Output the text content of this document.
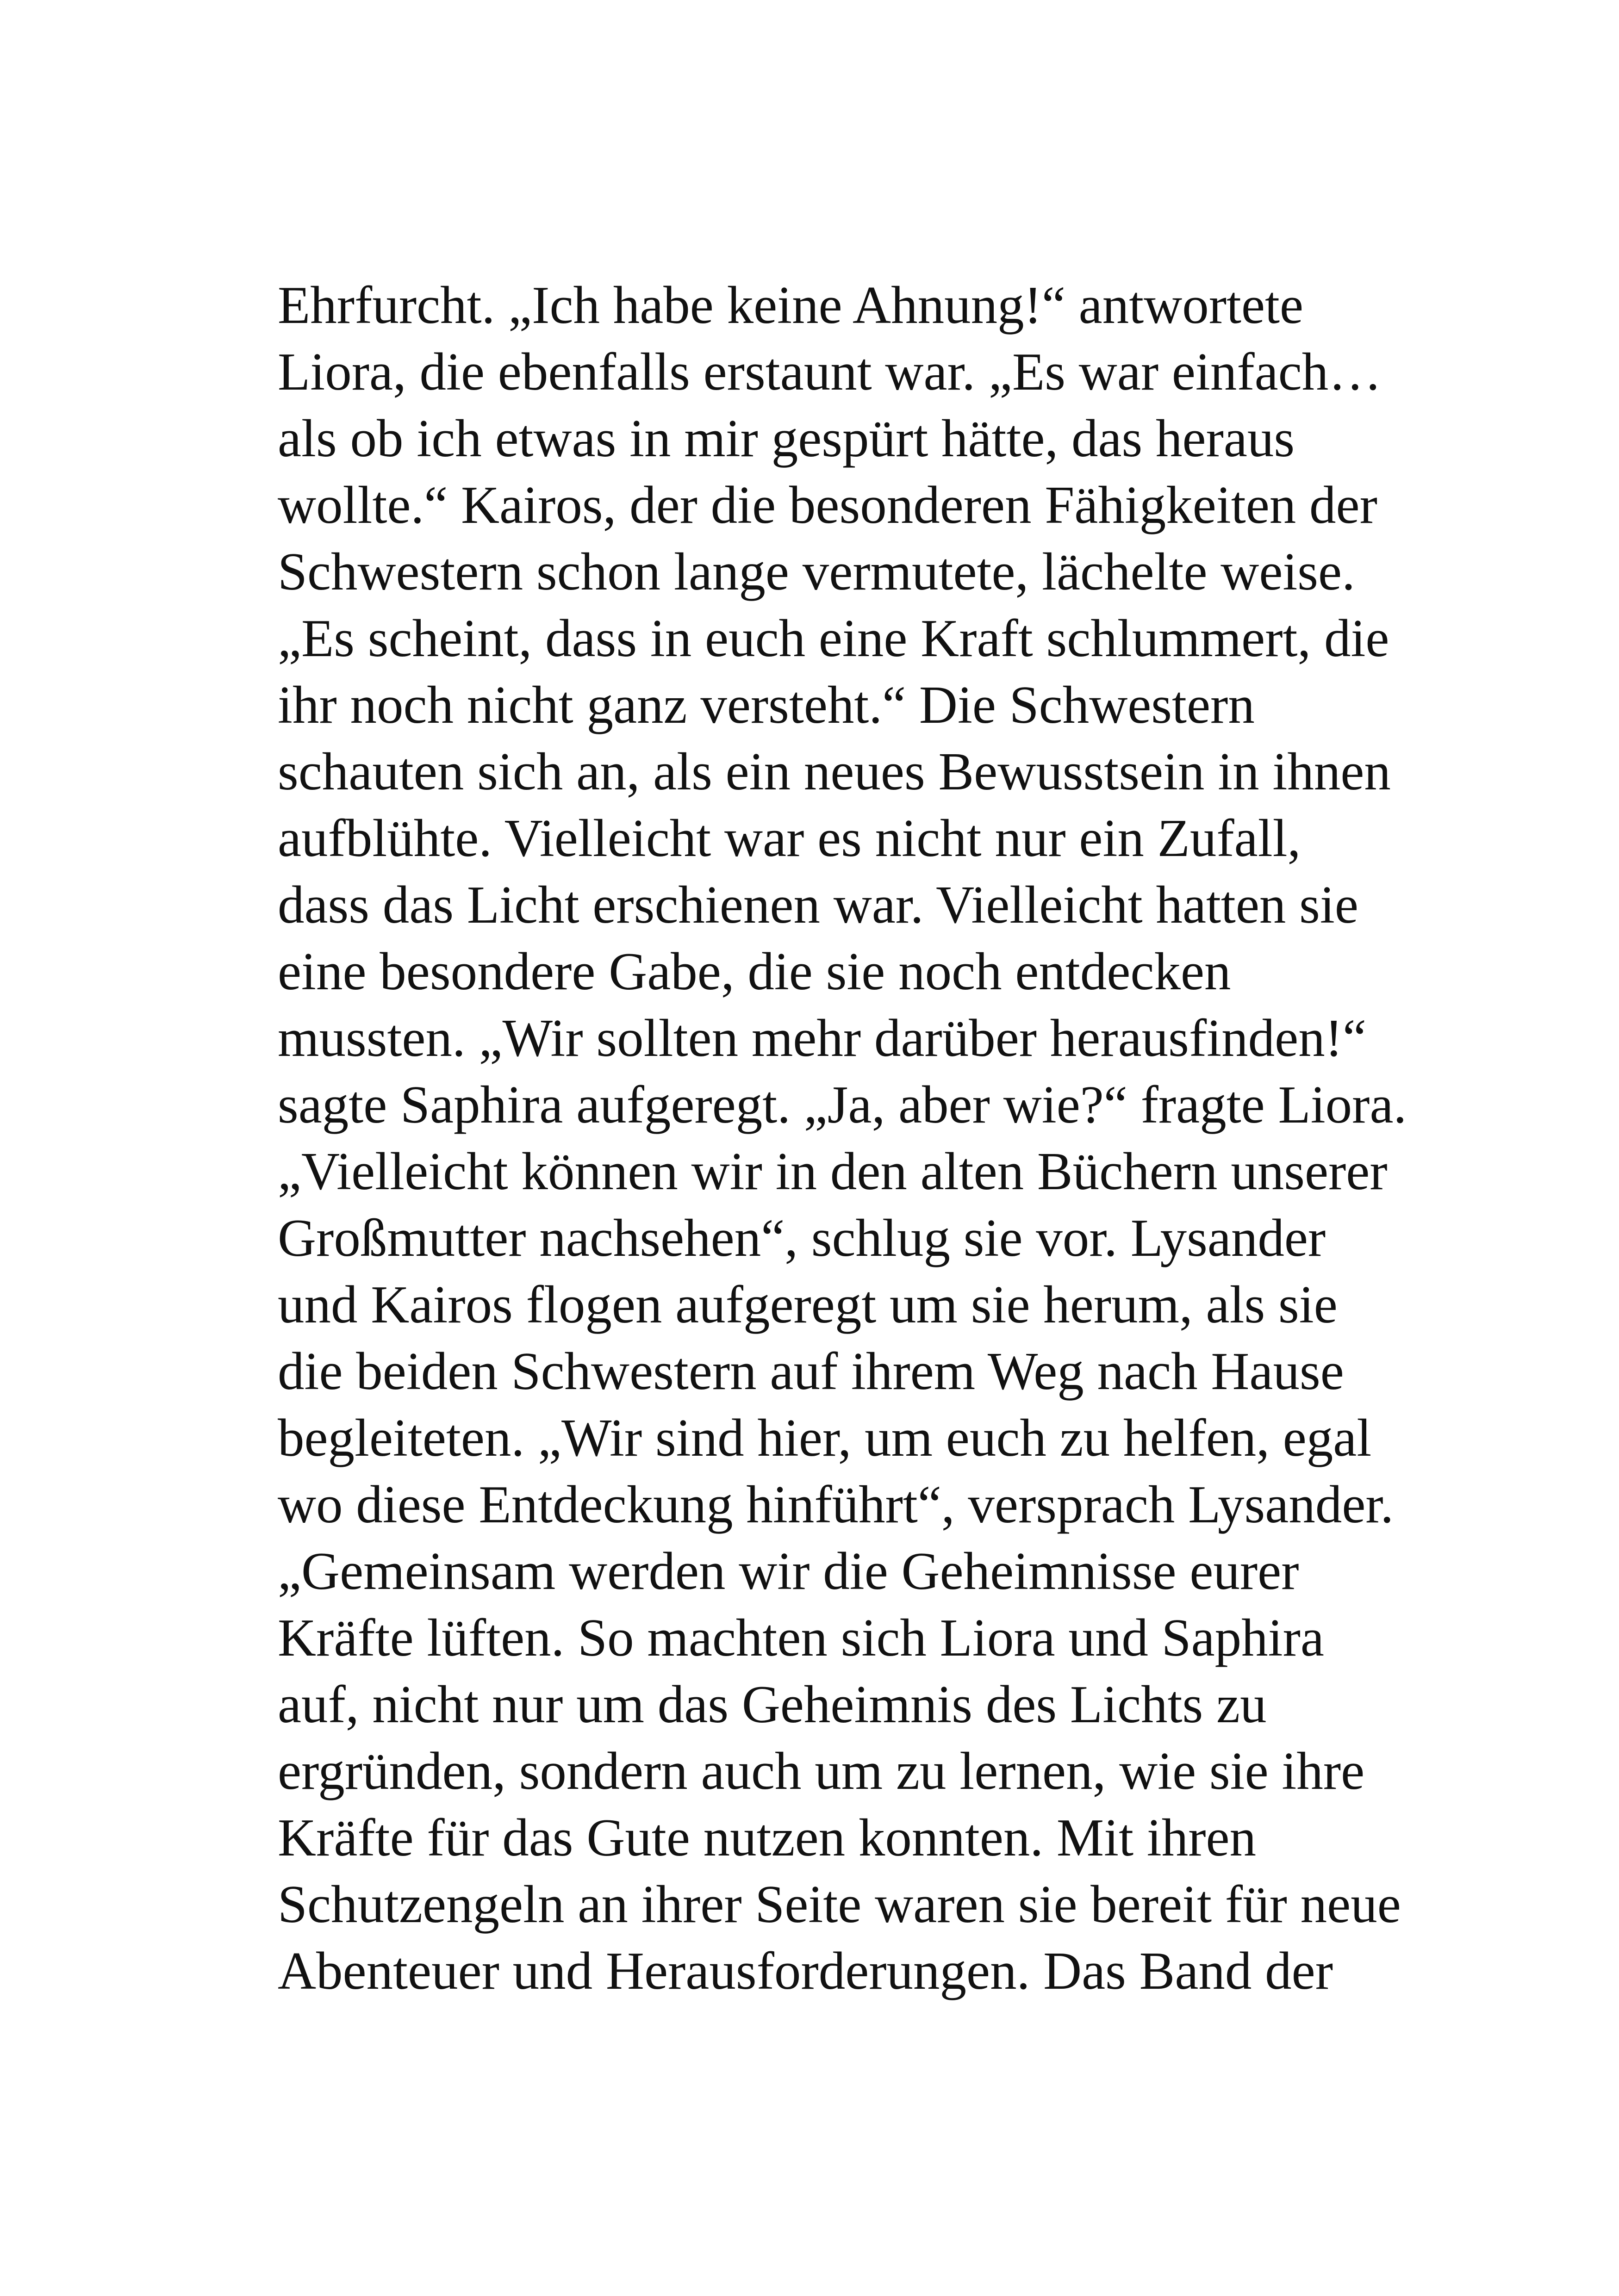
Ehrfurcht. „Ich habe keine Ahnung!“ antwortete
Liora, die ebenfalls erstaunt war. „Es war einfach…
als ob ich etwas in mir gespürt hätte, das heraus
wollte.“ Kairos, der die besonderen Fähigkeiten der
Schwestern schon lange vermutete, lächelte weise.
„Es scheint, dass in euch eine Kraft schlummert, die
ihr noch nicht ganz versteht.“ Die Schwestern
schauten sich an, als ein neues Bewusstsein in ihnen
aufblühte. Vielleicht war es nicht nur ein Zufall,
dass das Licht erschienen war. Vielleicht hatten sie
eine besondere Gabe, die sie noch entdecken
mussten. „Wir sollten mehr darüber herausfinden!“
sagte Saphira aufgeregt. „Ja, aber wie?“ fragte Liora.
„Vielleicht können wir in den alten Büchern unserer
Großmutter nachsehen“, schlug sie vor. Lysander
und Kairos flogen aufgeregt um sie herum, als sie
die beiden Schwestern auf ihrem Weg nach Hause
begleiteten. „Wir sind hier, um euch zu helfen, egal
wo diese Entdeckung hinführt“, versprach Lysander.
„Gemeinsam werden wir die Geheimnisse eurer
Kräfte lüften. So machten sich Liora und Saphira
auf, nicht nur um das Geheimnis des Lichts zu
ergründen, sondern auch um zu lernen, wie sie ihre
Kräfte für das Gute nutzen konnten. Mit ihren
Schutzengeln an ihrer Seite waren sie bereit für neue
Abenteuer und Herausforderungen. Das Band der
